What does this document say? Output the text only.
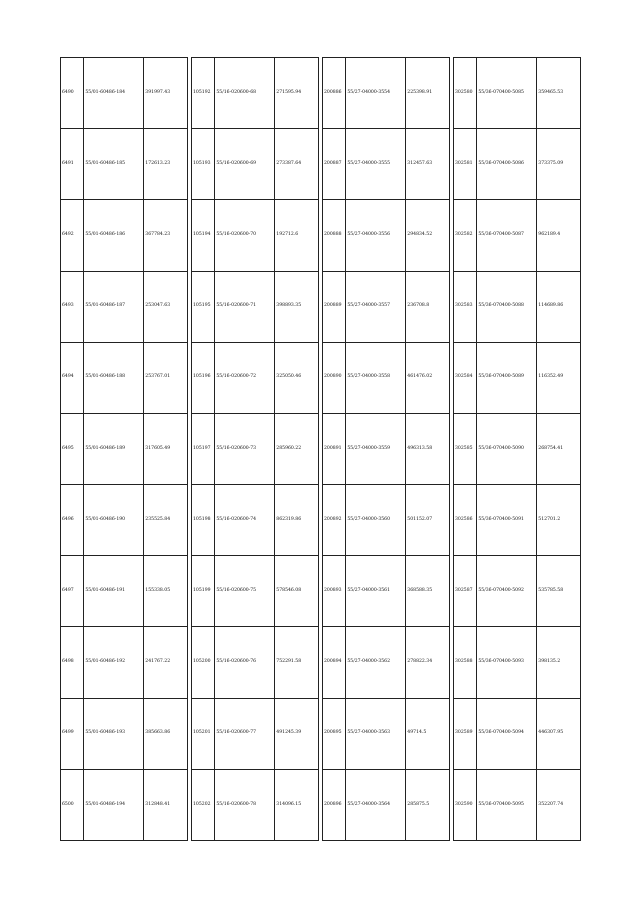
6490	55/01-60486-184	391997.43
6491	55/01-60486-185	172613.23
6492	55/01-60486-186	367784.23
6493	55/01-60486-187	253047.63
6494	55/01-60486-188	253767.01
6495	55/01-60486-189	317605.49
6496	55/01-60486-190	235525.84
6497	55/01-60486-191	155338.05
6498	55/01-60486-192	241767.22
6499	55/01-60486-193	385663.86
6500	55/01-60486-194	312848.41
105192	55/16-020600-68	271595.94
105193	55/16-020600-69	273387.64
105194	55/16-020600-70	192712.6
105195	55/16-020600-71	398893.35
105196	55/16-020600-72	325050.46
105197	55/16-020600-73	285960.22
105198	55/16-020600-74	862319.86
105199	55/16-020600-75	578546.08
105200	55/16-020600-76	752291.58
105201	55/16-020600-77	491245.39
105202	55/16-020600-78	314096.15
200886	55/27-04000-3554	225398.91
200887	55/27-04000-3555	312457.63
200888	55/27-04000-3556	294834.52
200889	55/27-04000-3557	236708.8
200890	55/27-04000-3558	461476.02
200891	55/27-04000-3559	496313.58
200892	55/27-04000-3560	501152.07
200893	55/27-04000-3561	368588.35
200894	55/27-04000-3562	278822.34
200895	55/27-04000-3563	49714.5
200896	55/27-04000-3564	285875.5
302580	55/36-070400-5085	359465.53
302581	55/36-070400-5086	373375.09
302582	55/36-070400-5087	962189.4
302583	55/36-070400-5088	114689.86
302584	55/36-070400-5089	116352.49
302585	55/36-070400-5090	268754.41
302586	55/36-070400-5091	512701.2
302587	55/36-070400-5092	535785.58
302588	55/36-070400-5093	398135.2
302589	55/36-070400-5094	446307.95
302590	55/36-070400-5095	352207.74
